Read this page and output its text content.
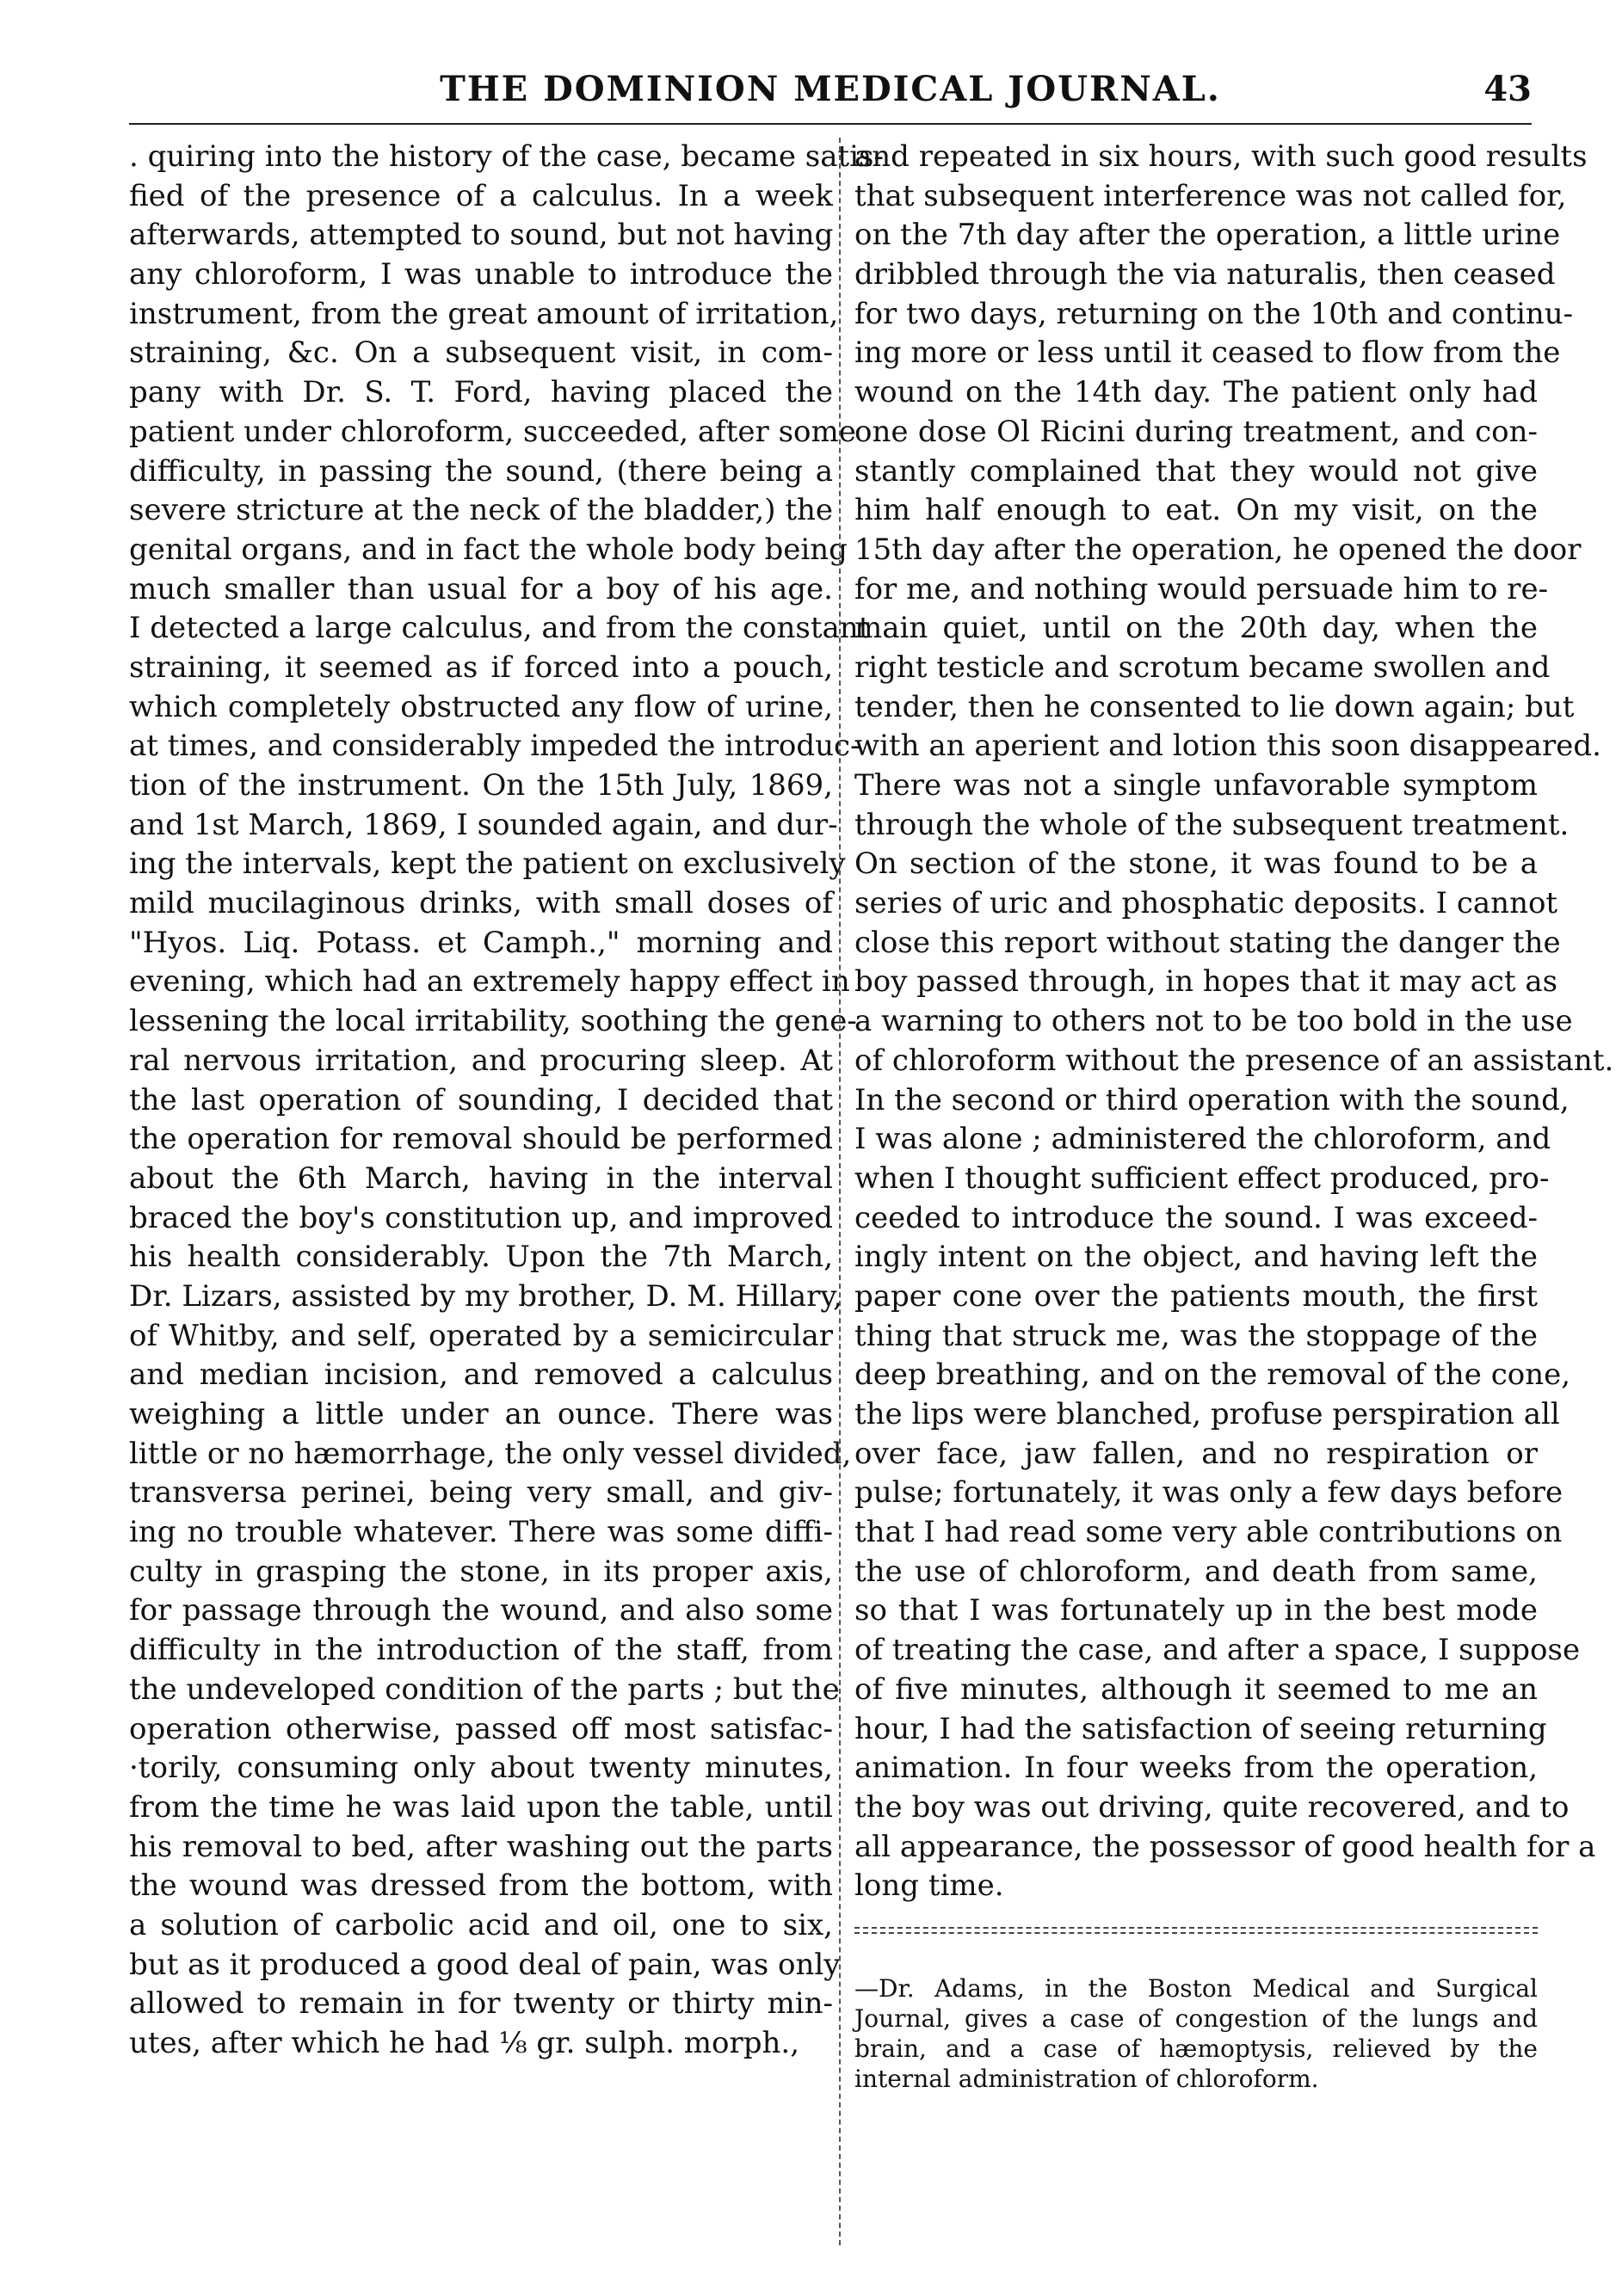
THE DOMINION MEDICAL JOURNAL.	43
. quiring into the history of the case, became satis-
fied of the presence of a calculus. In a week
afterwards, attempted to sound, but not having
any chloroform, I was unable to introduce the
instrument, from the great amount of irritation,
straining, &c. On a subsequent visit, in com-
pany with Dr. S. T. Ford, having placed the
patient under chloroform, succeeded, after some
difficulty, in passing the sound, (there being a
severe stricture at the neck of the bladder,) the
genital organs, and in fact the whole body being
much smaller than usual for a boy of his age.
I detected a large calculus, and from the constant
straining, it seemed as if forced into a pouch,
which completely obstructed any flow of urine,
at times, and considerably impeded the introduc-
tion of the instrument. On the 15th July, 1869,
and 1st March, 1869, I sounded again, and dur-
ing the intervals, kept the patient on exclusively
mild mucilaginous drinks, with small doses of
"Hyos. Liq. Potass. et Camph.," morning and
evening, which had an extremely happy effect in
lessening the local irritability, soothing the gene-
ral nervous irritation, and procuring sleep. At
the last operation of sounding, I decided that
the operation for removal should be performed
about the 6th March, having in the interval
braced the boy's constitution up, and improved
his health considerably. Upon the 7th March,
Dr. Lizars, assisted by my brother, D. M. Hillary,
of Whitby, and self, operated by a semicircular
and median incision, and removed a calculus
weighing a little under an ounce. There was
little or no hæmorrhage, the only vessel divided,
transversa perinei, being very small, and giv-
ing no trouble whatever. There was some diffi-
culty in grasping the stone, in its proper axis,
for passage through the wound, and also some
difficulty in the introduction of the staff, from
the undeveloped condition of the parts ; but the
operation otherwise, passed off most satisfac-
·torily, consuming only about twenty minutes,
from the time he was laid upon the table, until
his removal to bed, after washing out the parts
the wound was dressed from the bottom, with
a solution of carbolic acid and oil, one to six,
but as it produced a good deal of pain, was only
allowed to remain in for twenty or thirty min-
utes, after which he had ⅛ gr. sulph. morph.,
and repeated in six hours, with such good results
that subsequent interference was not called for,
on the 7th day after the operation, a little urine
dribbled through the via naturalis, then ceased
for two days, returning on the 10th and continu-
ing more or less until it ceased to flow from the
wound on the 14th day. The patient only had
one dose Ol Ricini during treatment, and con-
stantly complained that they would not give
him half enough to eat. On my visit, on the
15th day after the operation, he opened the door
for me, and nothing would persuade him to re-
main quiet, until on the 20th day, when the
right testicle and scrotum became swollen and
tender, then he consented to lie down again; but
with an aperient and lotion this soon disappeared.
There was not a single unfavorable symptom
through the whole of the subsequent treatment.
On section of the stone, it was found to be a
series of uric and phosphatic deposits. I cannot
close this report without stating the danger the
boy passed through, in hopes that it may act as
a warning to others not to be too bold in the use
of chloroform without the presence of an assistant.
In the second or third operation with the sound,
I was alone ; administered the chloroform, and
when I thought sufficient effect produced, pro-
ceeded to introduce the sound. I was exceed-
ingly intent on the object, and having left the
paper cone over the patients mouth, the first
thing that struck me, was the stoppage of the
deep breathing, and on the removal of the cone,
the lips were blanched, profuse perspiration all
over face, jaw fallen, and no respiration or
pulse; fortunately, it was only a few days before
that I had read some very able contributions on
the use of chloroform, and death from same,
so that I was fortunately up in the best mode
of treating the case, and after a space, I suppose
of five minutes, although it seemed to me an
hour, I had the satisfaction of seeing returning
animation. In four weeks from the operation,
the boy was out driving, quite recovered, and to
all appearance, the possessor of good health for a
long time.
—Dr. Adams, in the Boston Medical and Surgical
Journal, gives a case of congestion of the lungs and
brain, and a case of hæmoptysis, relieved by the
internal administration of chloroform.
